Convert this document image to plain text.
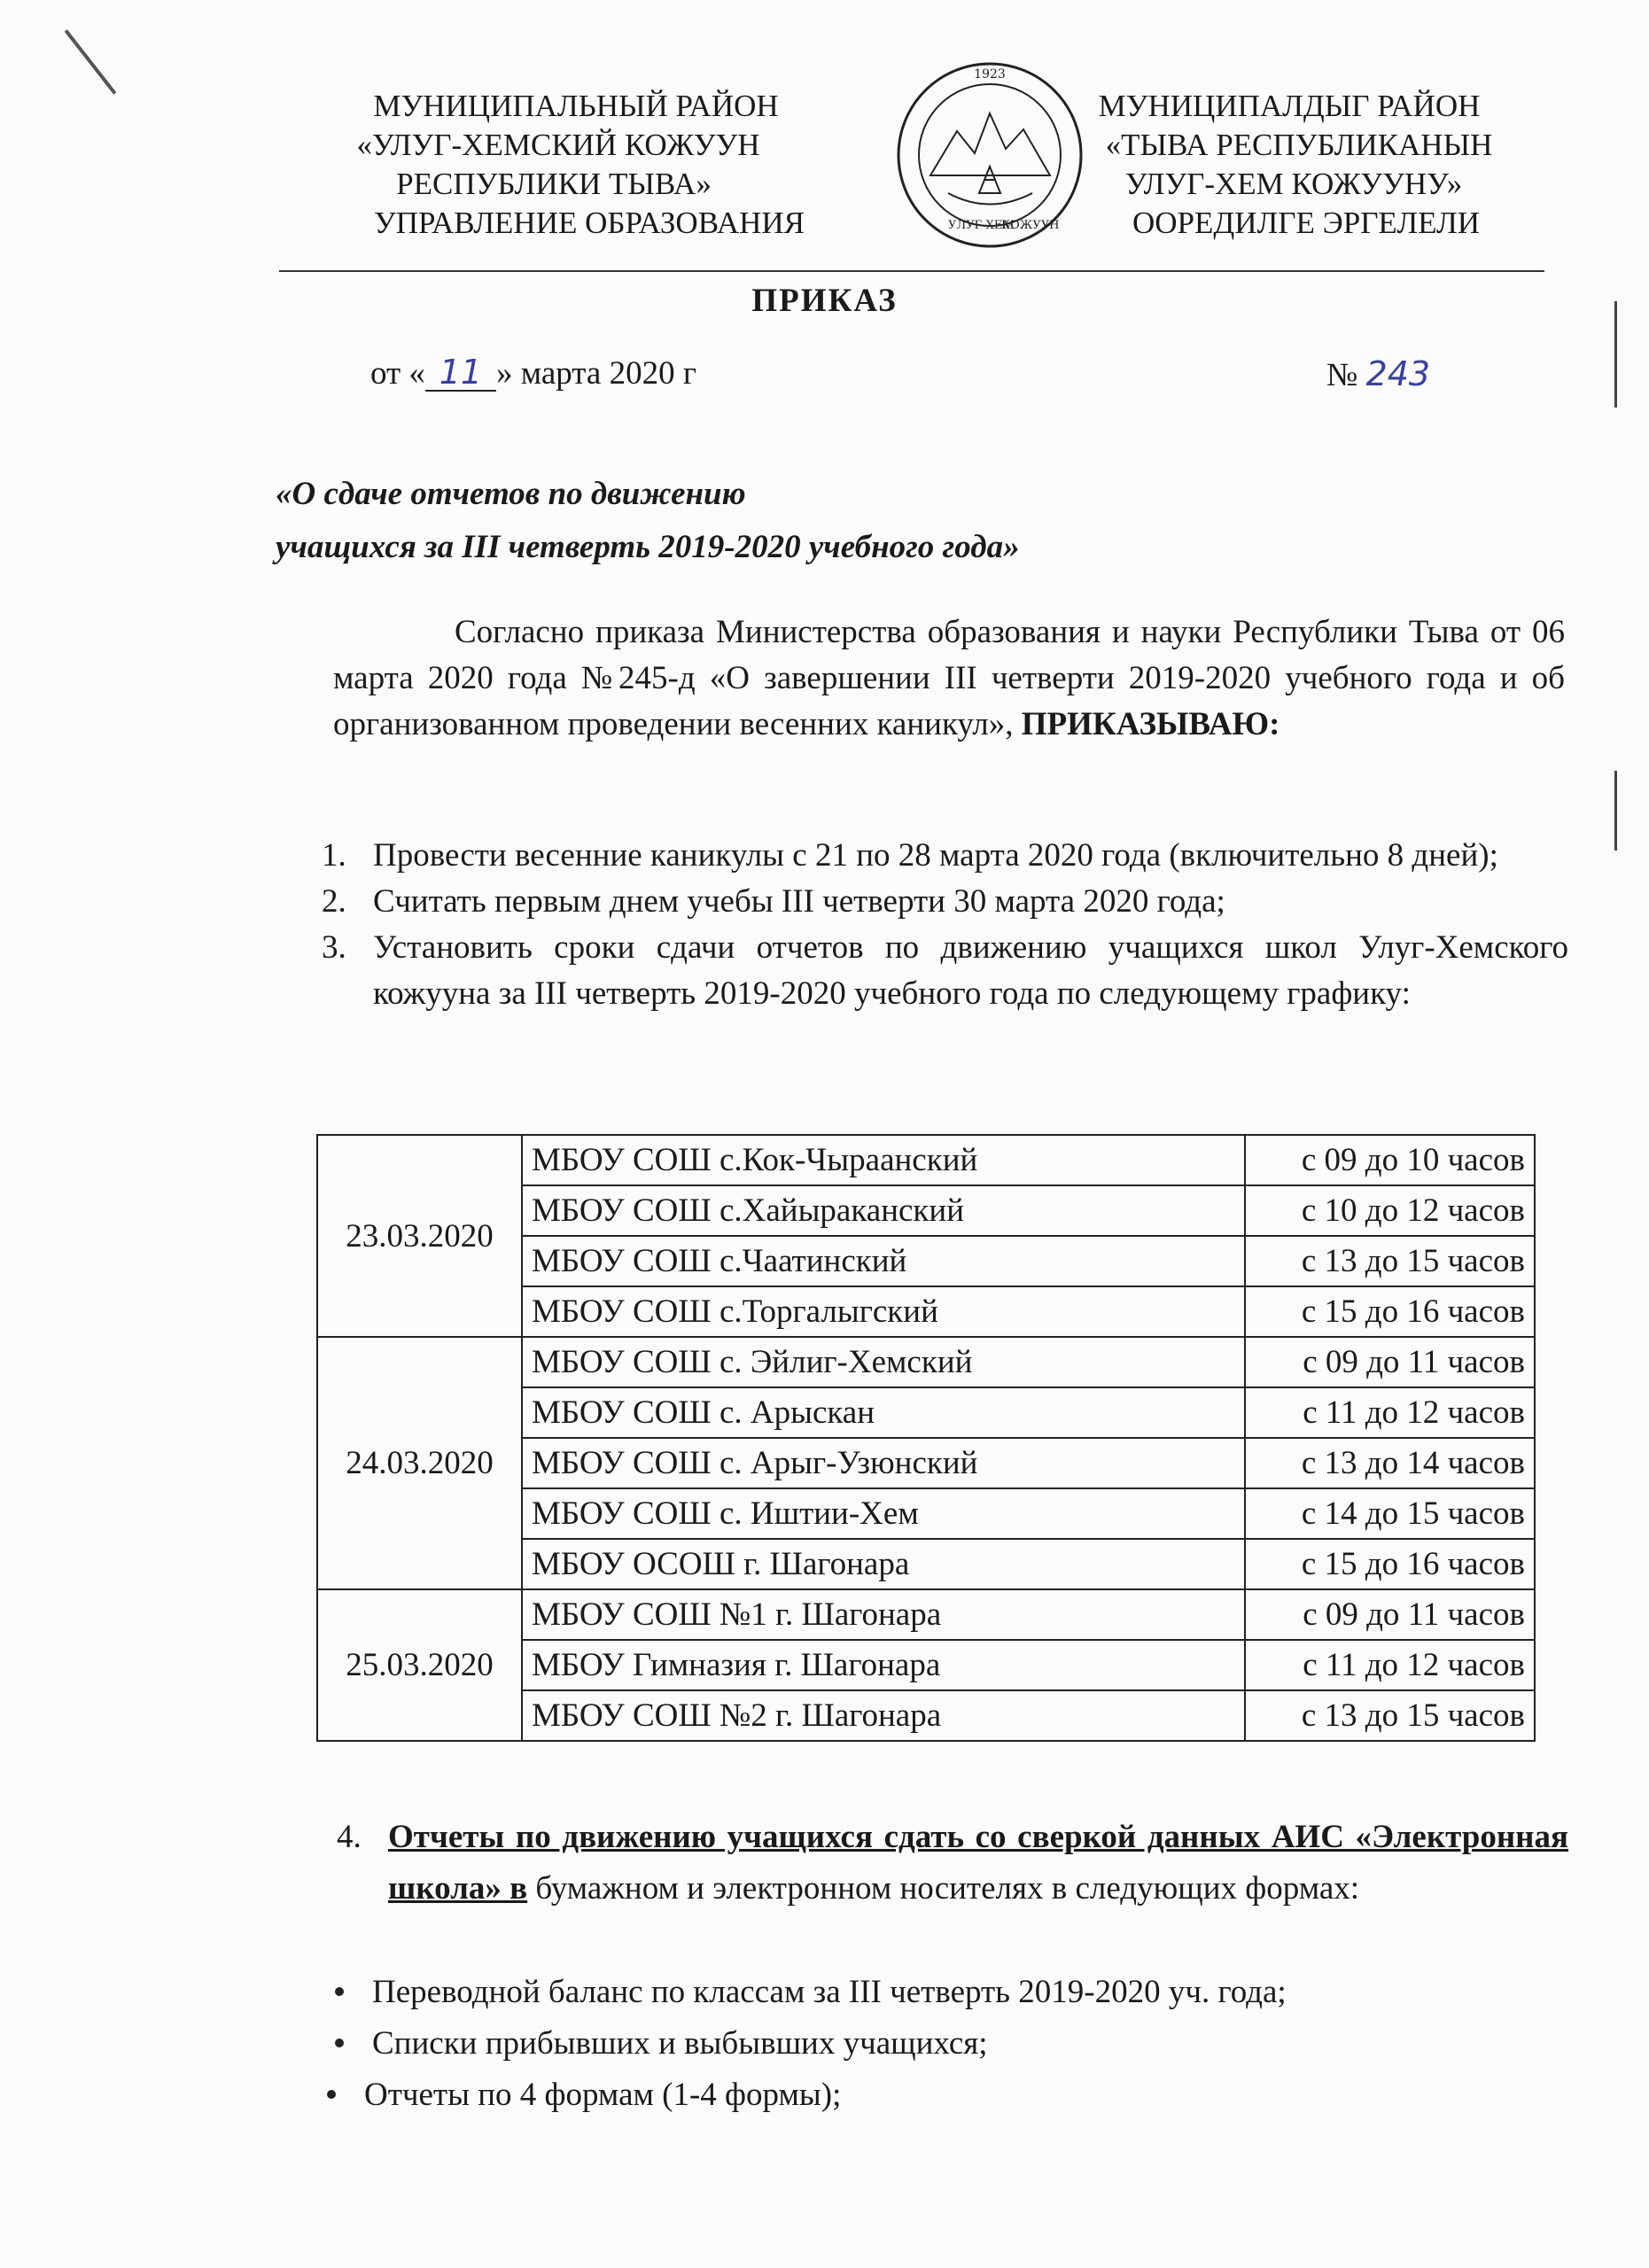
МУНИЦИПАЛЬНЫЙ РАЙОН
«УЛУГ-ХЕМСКИЙ КОЖУУН
РЕСПУБЛИКИ ТЫВА»
УПРАВЛЕНИЕ ОБРАЗОВАНИЯ
1923
УЛУГ-ХЕМ
КОЖУУН
МУНИЦИПАЛДЫГ РАЙОН
«ТЫВА РЕСПУБЛИКАНЫН
УЛУГ-ХЕМ КОЖУУНУ»
ООРЕДИЛГЕ ЭРГЕЛЕЛИ
ПРИКАЗ
от « 11 » марта 2020 г	№ 243
«О сдаче отчетов по движению
учащихся за III четверть 2019-2020 учебного года»
Согласно приказа Министерства образования и науки Республики Тыва от 06 марта 2020 года №245-д «О завершении III четверти 2019-2020 учебного года и об организованном проведении весенних каникул», ПРИКАЗЫВАЮ:
1. Провести весенние каникулы с 21 по 28 марта 2020 года (включительно 8 дней);
2. Считать первым днем учебы III четверти 30 марта 2020 года;
3. Установить сроки сдачи отчетов по движению учащихся школ Улуг-Хемского кожууна за III четверть 2019-2020 учебного года по следующему графику:
23.03.2020	МБОУ СОШ с.Кок-Чыраанский	с 09 до 10 часов
	МБОУ СОШ с.Хайыраканский	с 10 до 12 часов
	МБОУ СОШ с.Чаатинский	с 13 до 15 часов
	МБОУ СОШ с.Торгалыгский	с 15 до 16 часов
24.03.2020	МБОУ СОШ с. Эйлиг-Хемский	с 09 до 11 часов
	МБОУ СОШ с. Арыскан	с 11 до 12 часов
	МБОУ СОШ с. Арыг-Узюнский	с 13 до 14 часов
	МБОУ СОШ с. Иштии-Хем	с 14 до 15 часов
	МБОУ ОСОШ г. Шагонара	с 15 до 16 часов
25.03.2020	МБОУ СОШ №1 г. Шагонара	с 09 до 11 часов
	МБОУ Гимназия г. Шагонара	с 11 до 12 часов
	МБОУ СОШ №2 г. Шагонара	с 13 до 15 часов
4. Отчеты по движению учащихся сдать со сверкой данных АИС «Электронная школа» в бумажном и электронном носителях в следующих формах:
Переводной баланс по классам за III четверть 2019-2020 уч. года;
Списки прибывших и выбывших учащихся;
Отчеты по 4 формам (1-4 формы);
